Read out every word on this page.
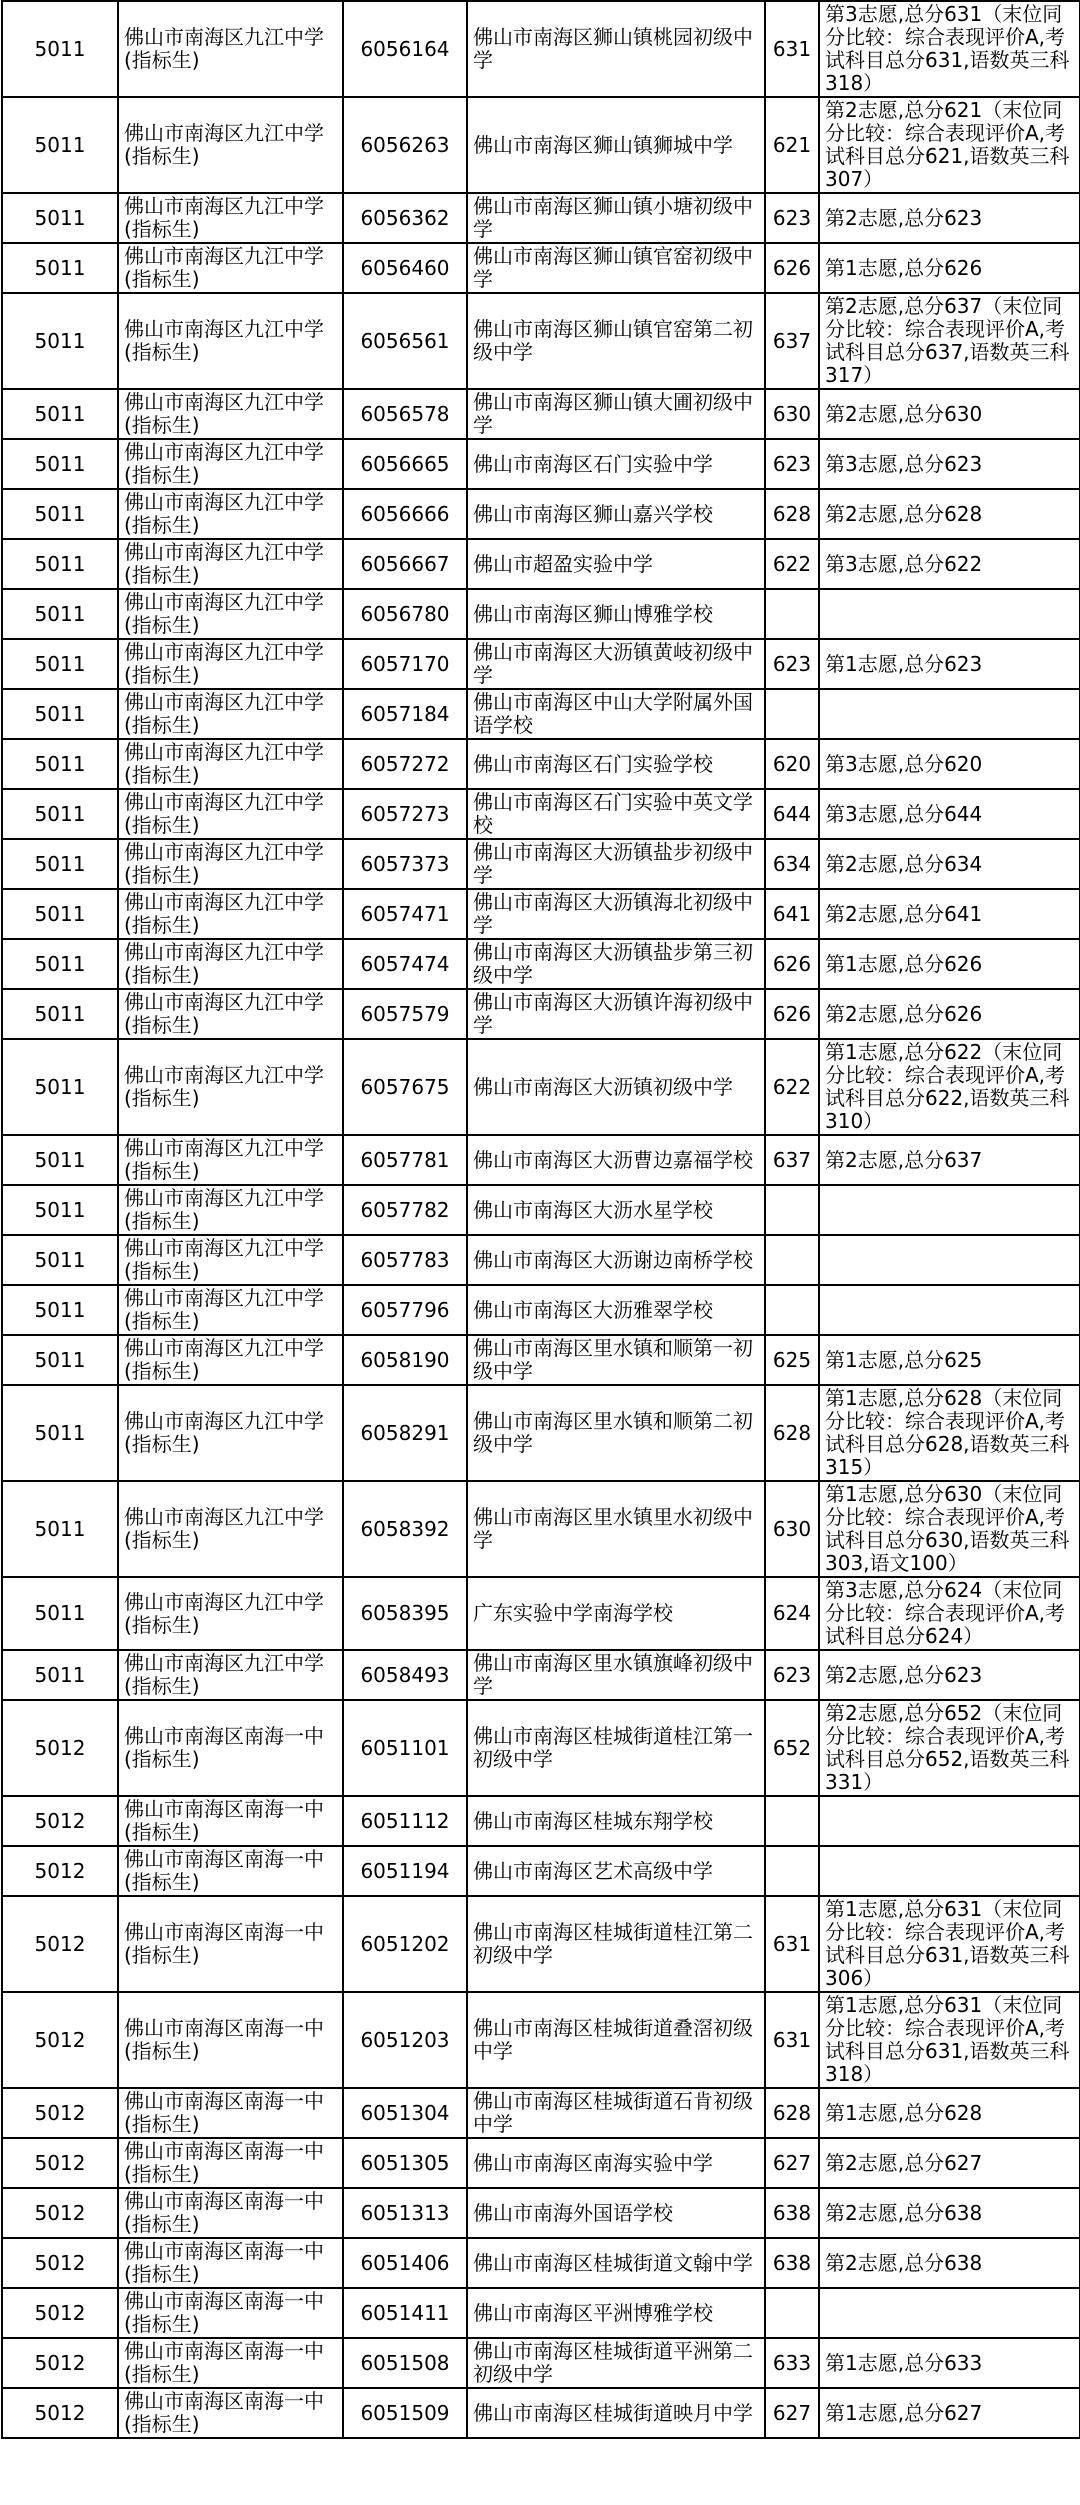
5011	佛山市南海区九江中学(指标生)	6056164	佛山市南海区狮山镇桃园初级中学	631	第3志愿,总分631（末位同分比较：综合表现评价A,考试科目总分631,语数英三科318）
5011	佛山市南海区九江中学(指标生)	6056263	佛山市南海区狮山镇狮城中学	621	第2志愿,总分621（末位同分比较：综合表现评价A,考试科目总分621,语数英三科307）
5011	佛山市南海区九江中学(指标生)	6056362	佛山市南海区狮山镇小塘初级中学	623	第2志愿,总分623
5011	佛山市南海区九江中学(指标生)	6056460	佛山市南海区狮山镇官窑初级中学	626	第1志愿,总分626
5011	佛山市南海区九江中学(指标生)	6056561	佛山市南海区狮山镇官窑第二初级中学	637	第2志愿,总分637（末位同分比较：综合表现评价A,考试科目总分637,语数英三科317）
5011	佛山市南海区九江中学(指标生)	6056578	佛山市南海区狮山镇大圃初级中学	630	第2志愿,总分630
5011	佛山市南海区九江中学(指标生)	6056665	佛山市南海区石门实验中学	623	第3志愿,总分623
5011	佛山市南海区九江中学(指标生)	6056666	佛山市南海区狮山嘉兴学校	628	第2志愿,总分628
5011	佛山市南海区九江中学(指标生)	6056667	佛山市超盈实验中学	622	第3志愿,总分622
5011	佛山市南海区九江中学(指标生)	6056780	佛山市南海区狮山博雅学校		
5011	佛山市南海区九江中学(指标生)	6057170	佛山市南海区大沥镇黄岐初级中学	623	第1志愿,总分623
5011	佛山市南海区九江中学(指标生)	6057184	佛山市南海区中山大学附属外国语学校		
5011	佛山市南海区九江中学(指标生)	6057272	佛山市南海区石门实验学校	620	第3志愿,总分620
5011	佛山市南海区九江中学(指标生)	6057273	佛山市南海区石门实验中英文学校	644	第3志愿,总分644
5011	佛山市南海区九江中学(指标生)	6057373	佛山市南海区大沥镇盐步初级中学	634	第2志愿,总分634
5011	佛山市南海区九江中学(指标生)	6057471	佛山市南海区大沥镇海北初级中学	641	第2志愿,总分641
5011	佛山市南海区九江中学(指标生)	6057474	佛山市南海区大沥镇盐步第三初级中学	626	第1志愿,总分626
5011	佛山市南海区九江中学(指标生)	6057579	佛山市南海区大沥镇许海初级中学	626	第2志愿,总分626
5011	佛山市南海区九江中学(指标生)	6057675	佛山市南海区大沥镇初级中学	622	第1志愿,总分622（末位同分比较：综合表现评价A,考试科目总分622,语数英三科310）
5011	佛山市南海区九江中学(指标生)	6057781	佛山市南海区大沥曹边嘉福学校	637	第2志愿,总分637
5011	佛山市南海区九江中学(指标生)	6057782	佛山市南海区大沥水星学校		
5011	佛山市南海区九江中学(指标生)	6057783	佛山市南海区大沥谢边南桥学校		
5011	佛山市南海区九江中学(指标生)	6057796	佛山市南海区大沥雅翠学校		
5011	佛山市南海区九江中学(指标生)	6058190	佛山市南海区里水镇和顺第一初级中学	625	第1志愿,总分625
5011	佛山市南海区九江中学(指标生)	6058291	佛山市南海区里水镇和顺第二初级中学	628	第1志愿,总分628（末位同分比较：综合表现评价A,考试科目总分628,语数英三科315）
5011	佛山市南海区九江中学(指标生)	6058392	佛山市南海区里水镇里水初级中学	630	第1志愿,总分630（末位同分比较：综合表现评价A,考试科目总分630,语数英三科303,语文100）
5011	佛山市南海区九江中学(指标生)	6058395	广东实验中学南海学校	624	第3志愿,总分624（末位同分比较：综合表现评价A,考试科目总分624）
5011	佛山市南海区九江中学(指标生)	6058493	佛山市南海区里水镇旗峰初级中学	623	第2志愿,总分623
5012	佛山市南海区南海一中(指标生)	6051101	佛山市南海区桂城街道桂江第一初级中学	652	第2志愿,总分652（末位同分比较：综合表现评价A,考试科目总分652,语数英三科331）
5012	佛山市南海区南海一中(指标生)	6051112	佛山市南海区桂城东翔学校		
5012	佛山市南海区南海一中(指标生)	6051194	佛山市南海区艺术高级中学		
5012	佛山市南海区南海一中(指标生)	6051202	佛山市南海区桂城街道桂江第二初级中学	631	第1志愿,总分631（末位同分比较：综合表现评价A,考试科目总分631,语数英三科306）
5012	佛山市南海区南海一中(指标生)	6051203	佛山市南海区桂城街道叠滘初级中学	631	第1志愿,总分631（末位同分比较：综合表现评价A,考试科目总分631,语数英三科318）
5012	佛山市南海区南海一中(指标生)	6051304	佛山市南海区桂城街道石肯初级中学	628	第1志愿,总分628
5012	佛山市南海区南海一中(指标生)	6051305	佛山市南海区南海实验中学	627	第2志愿,总分627
5012	佛山市南海区南海一中(指标生)	6051313	佛山市南海外国语学校	638	第2志愿,总分638
5012	佛山市南海区南海一中(指标生)	6051406	佛山市南海区桂城街道文翰中学	638	第2志愿,总分638
5012	佛山市南海区南海一中(指标生)	6051411	佛山市南海区平洲博雅学校		
5012	佛山市南海区南海一中(指标生)	6051508	佛山市南海区桂城街道平洲第二初级中学	633	第1志愿,总分633
5012	佛山市南海区南海一中(指标生)	6051509	佛山市南海区桂城街道映月中学	627	第1志愿,总分627
